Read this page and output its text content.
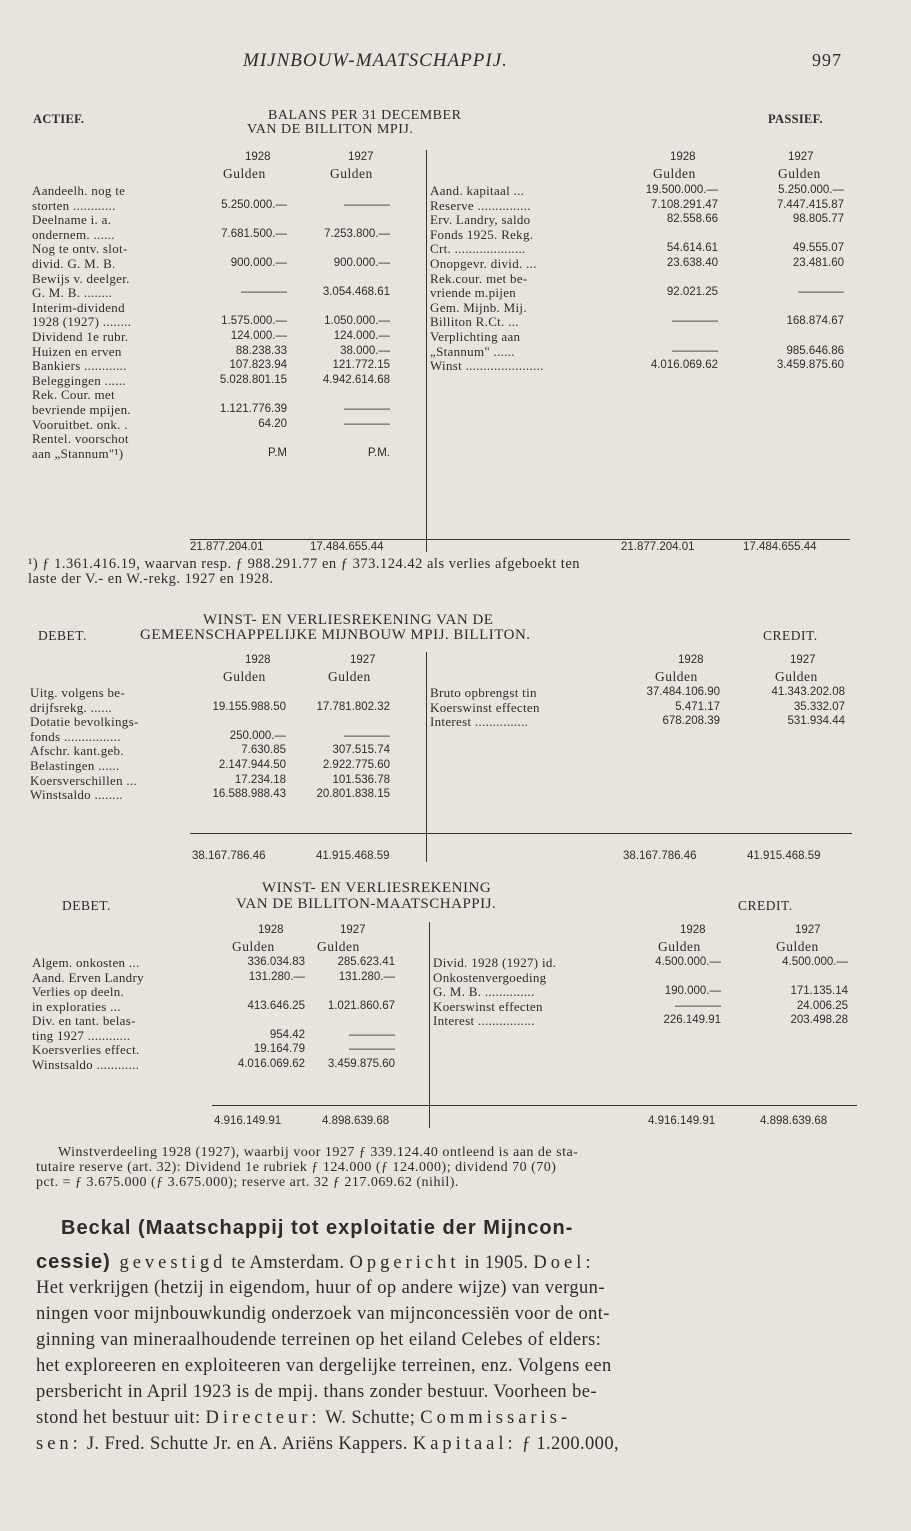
MIJNBOUW-MAATSCHAPPIJ.	997
ACTIEF.	PASSIEF.
BALANS PER 31 DECEMBER
VAN DE BILLITON MPIJ.
1928	1927
Gulden	Gulden
1928	1927
Gulden	Gulden
Aandeelh. nog te
storten ............	5.250.000.—	————
Deelname i. a.
ondernem. ......	7.681.500.—	7.253.800.—
Nog te ontv. slot-
divid. G. M. B.	900.000.—	900.000.—
Bewijs v. deelger.
G. M. B. ........	————	3.054.468.61
Interim-dividend
1928 (1927) ........	1.575.000.—	1.050.000.—
Dividend 1e rubr.	124.000.—	124.000.—
Huizen en erven	88.238.33	38.000.—
Bankiers ............	107.823.94	121.772.15
Beleggingen ......	5.028.801.15	4.942.614.68
Rek. Cour. met
bevriende mpijen.	1.121.776.39	————
Vooruitbet. onk. .	64.20	————
Rentel. voorschot
aan „Stannum"¹)	P.M	P.M.
Aand. kapitaal ...	19.500.000.—	5.250.000.—
Reserve ...............	7.108.291.47	7.447.415.87
Erv. Landry, saldo	82.558.66	98.805.77
Fonds 1925. Rekg.
Crt. ....................	54.614.61	49.555.07
Onopgevr. divid. ...	23.638.40	23.481.60
Rek.cour. met be-
vriende m.pijen	92.021.25	————
Gem. Mijnb. Mij.
Billiton R.Ct. ...	————	168.874.67
Verplichting aan
„Stannum" ......	————	985.646.86
Winst ......................	4.016.069.62	3.459.875.60
21.877.204.01	17.484.655.44	21.877.204.01	17.484.655.44
¹) ƒ 1.361.416.19, waarvan resp. ƒ 988.291.77 en ƒ 373.124.42 als verlies afgeboekt ten
laste der V.- en W.-rekg. 1927 en 1928.
WINST- EN VERLIESREKENING VAN DE
GEMEENSCHAPPELIJKE MIJNBOUW MPIJ. BILLITON.
DEBET.	CREDIT.
1928	1927
Gulden	Gulden
1928	1927
Gulden	Gulden
Uitg. volgens be-
drijfsrekg. ......	19.155.988.50	17.781.802.32
Dotatie bevolkings-
fonds ................	250.000.—	————
Afschr. kant.geb.	7.630.85	307.515.74
Belastingen ......	2.147.944.50	2.922.775.60
Koersverschillen ...	17.234.18	101.536.78
Winstsaldo ........	16.588.988.43	20.801.838.15
Bruto opbrengst tin	37.484.106.90	41.343.202.08
Koerswinst effecten	5.471.17	35.332.07
Interest ...............	678.208.39	531.934.44
38.167.786.46	41.915.468.59	38.167.786.46	41.915.468.59
WINST- EN VERLIESREKENING
VAN DE BILLITON-MAATSCHAPPIJ.
DEBET.	CREDIT.
1928	1927
Gulden	Gulden
1928	1927
Gulden	Gulden
Algem. onkosten ...	336.034.83	285.623.41
Aand. Erven Landry	131.280.—	131.280.—
Verlies op deeln.
in exploraties ...	413.646.25 1.021.860.67
Div. en tant. belas-
ting 1927 ............	954.42	————
Koersverlies effect.	19.164.79	————
Winstsaldo ............	4.016.069.62 3.459.875.60
Divid. 1928 (1927) id.	4.500.000.—	4.500.000.—
Onkostenvergoeding
G. M. B. ..............	190.000.—	171.135.14
Koerswinst effecten	————	24.006.25
Interest ................	226.149.91	203.498.28
4.916.149.91	4.898.639.68	4.916.149.91	4.898.639.68
Winstverdeeling 1928 (1927), waarbij voor 1927 ƒ 339.124.40 ontleend is aan de sta-
tutaire reserve (art. 32): Dividend 1e rubriek ƒ 124.000 (ƒ 124.000); dividend 70 (70)
pct. = ƒ 3.675.000 (ƒ 3.675.000); reserve art. 32 ƒ 217.069.62 (nihil).
Beckal (Maatschappij tot exploitatie der Mijncon-
cessie) gevestigd te Amsterdam. Opgericht in 1905. Doel:
Het verkrijgen (hetzij in eigendom, huur of op andere wijze) van vergun-
ningen voor mijnbouwkundig onderzoek van mijnconcessiën voor de ont-
ginning van mineraalhoudende terreinen op het eiland Celebes of elders:
het exploreeren en exploiteeren van dergelijke terreinen, enz. Volgens een
persbericht in April 1923 is de mpij. thans zonder bestuur. Voorheen be-
stond het bestuur uit: Directeur: W. Schutte; Commissaris-
sen: J. Fred. Schutte Jr. en A. Ariëns Kappers. Kapitaal: ƒ 1.200.000,
